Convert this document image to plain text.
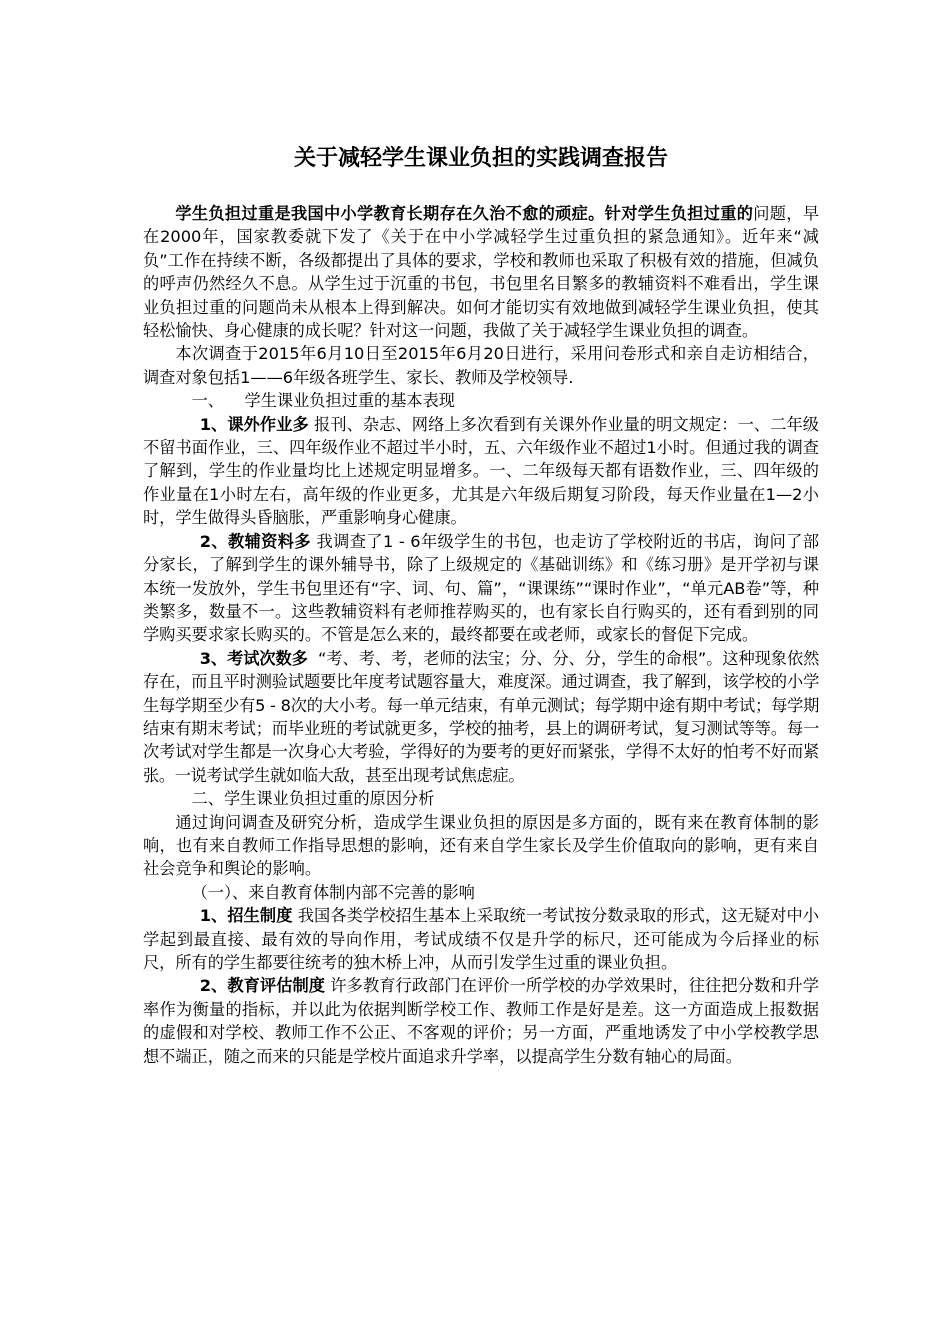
关于减轻学生课业负担的实践调查报告

学生负担过重是我国中小学教育长期存在久治不愈的顽症。针对学生负担过重的问题，早在2000年，国家教委就下发了《关于在中小学减轻学生过重负担的紧急通知》。近年来“减负”工作在持续不断，各级都提出了具体的要求，学校和教师也采取了积极有效的措施，但减负的呼声仍然经久不息。从学生过于沉重的书包，书包里名目繁多的教辅资料不难看出，学生课业负担过重的问题尚未从根本上得到解决。如何才能切实有效地做到减轻学生课业负担，使其轻松愉快、身心健康的成长呢？针对这一问题，我做了关于减轻学生课业负担的调查。

本次调查于2015年6月10日至2015年6月20日进行，采用问卷形式和亲自走访相结合，调查对象包括1——6年级各班学生、家长、教师及学校领导.

一、    学生课业负担过重的基本表现

1、课外作业多 报刊、杂志、网络上多次看到有关课外作业量的明文规定：一、二年级不留书面作业，三、四年级作业不超过半小时，五、六年级作业不超过1小时。但通过我的调查了解到，学生的作业量均比上述规定明显增多。一、二年级每天都有语数作业，三、四年级的作业量在1小时左右，高年级的作业更多，尤其是六年级后期复习阶段，每天作业量在1—2小时，学生做得头昏脑胀，严重影响身心健康。

2、教辅资料多 我调查了1 - 6年级学生的书包，也走访了学校附近的书店，询问了部分家长，了解到学生的课外辅导书，除了上级规定的《基础训练》和《练习册》是开学初与课本统一发放外，学生书包里还有“字、词、句、篇”，“课课练”“课时作业”，“单元AB卷”等，种类繁多，数量不一。这些教辅资料有老师推荐购买的，也有家长自行购买的，还有看到别的同学购买要求家长购买的。不管是怎么来的，最终都要在或老师，或家长的督促下完成。

3、考试次数多  “考、考、考，老师的法宝；分、分、分，学生的命根”。这种现象依然存在，而且平时测验试题要比年度考试题容量大，难度深。通过调查，我了解到，该学校的小学生每学期至少有5 - 8次的大小考。每一单元结束，有单元测试；每学期中途有期中考试；每学期结束有期末考试；而毕业班的考试就更多，学校的抽考，县上的调研考试，复习测试等等。每一次考试对学生都是一次身心大考验，学得好的为要考的更好而紧张，学得不太好的怕考不好而紧张。一说考试学生就如临大敌，甚至出现考试焦虑症。

二、学生课业负担过重的原因分析

通过询问调查及研究分析，造成学生课业负担的原因是多方面的，既有来在教育体制的影响，也有来自教师工作指导思想的影响，还有来自学生家长及学生价值取向的影响，更有来自社会竞争和舆论的影响。

（一）、来自教育体制内部不完善的影响

1、招生制度 我国各类学校招生基本上采取统一考试按分数录取的形式，这无疑对中小学起到最直接、最有效的导向作用，考试成绩不仅是升学的标尺，还可能成为今后择业的标尺，所有的学生都要往统考的独木桥上冲，从而引发学生过重的课业负担。

2、教育评估制度 许多教育行政部门在评价一所学校的办学效果时，往往把分数和升学率作为衡量的指标，并以此为依据判断学校工作、教师工作是好是差。这一方面造成上报数据的虚假和对学校、教师工作不公正、不客观的评价；另一方面，严重地诱发了中小学校教学思想不端正，随之而来的只能是学校片面追求升学率，以提高学生分数有轴心的局面。
